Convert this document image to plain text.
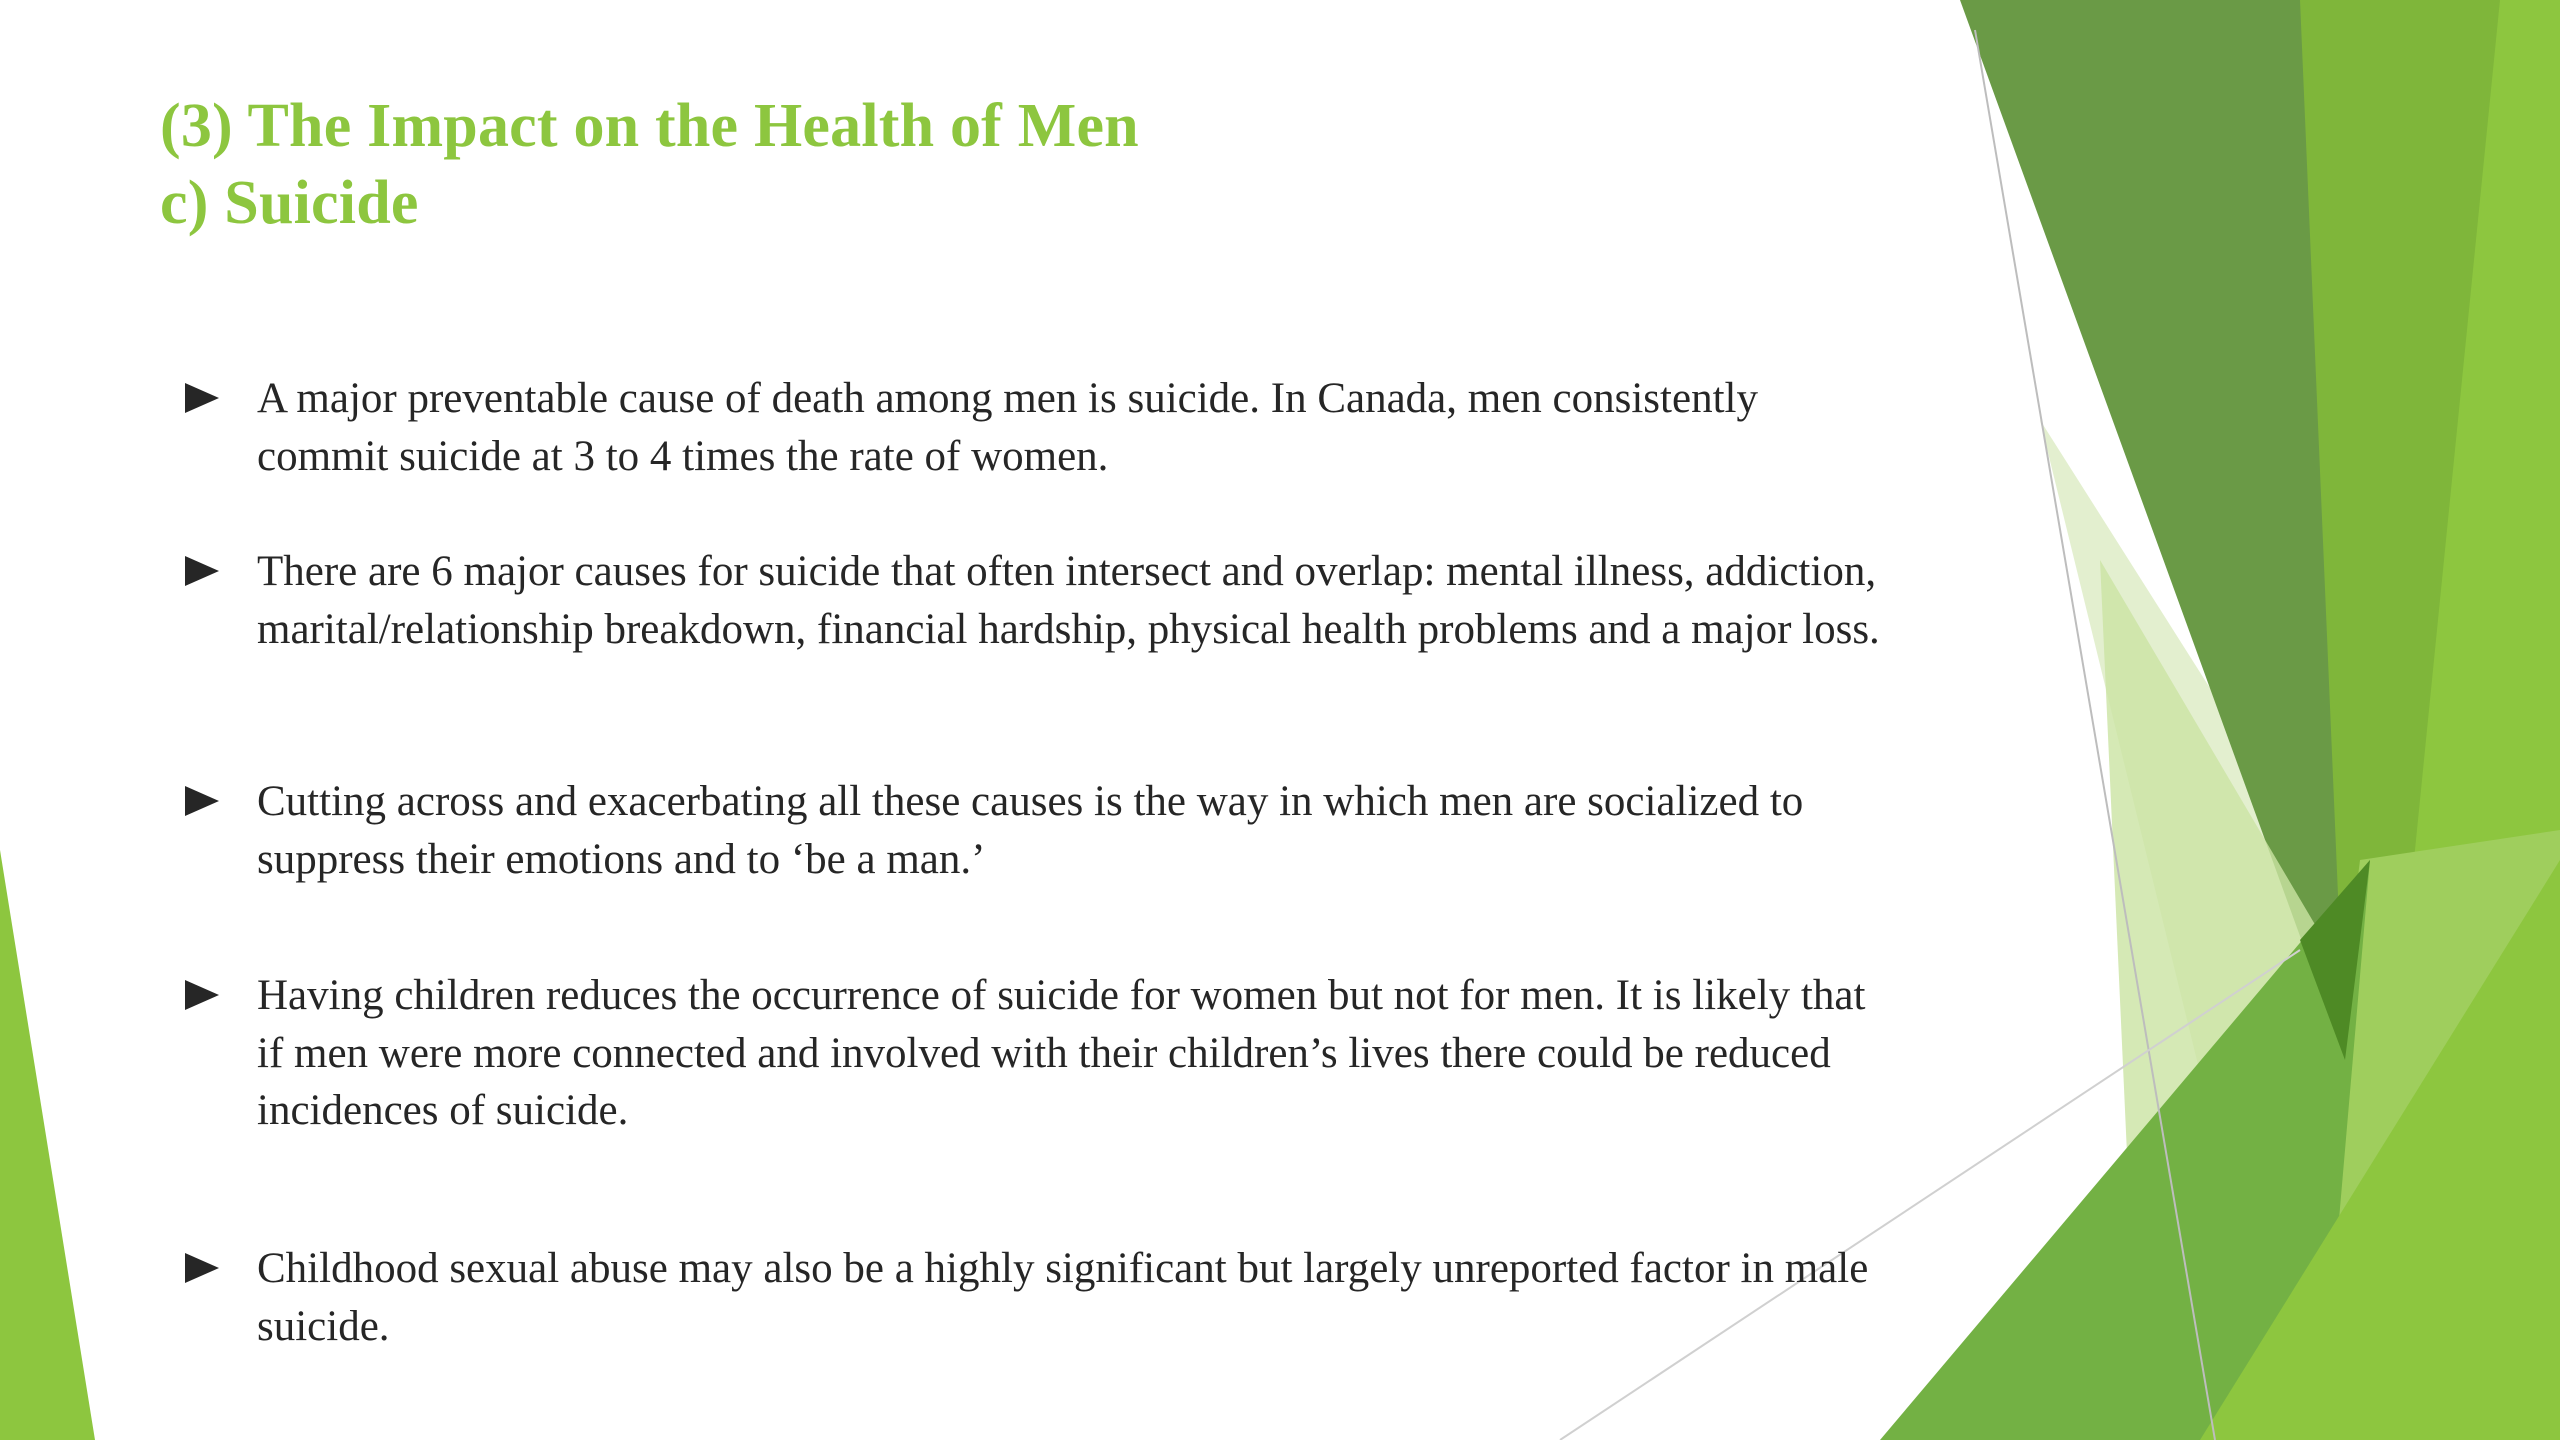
(3) The Impact on the Health of Men
c) Suicide
A major preventable cause of death among men is suicide. In Canada, men consistently commit suicide at 3 to 4 times the rate of women.
There are 6 major causes for suicide that often intersect and overlap: mental illness, addiction, marital/relationship breakdown, financial hardship, physical health problems and a major loss.
Cutting across and exacerbating all these causes is the way in which men are socialized to suppress their emotions and to ‘be a man.’
Having children reduces the occurrence of suicide for women but not for men. It is likely that if men were more connected and involved with their children’s lives there could be reduced incidences of suicide.
Childhood sexual abuse may also be a highly significant but largely unreported factor in male suicide.
